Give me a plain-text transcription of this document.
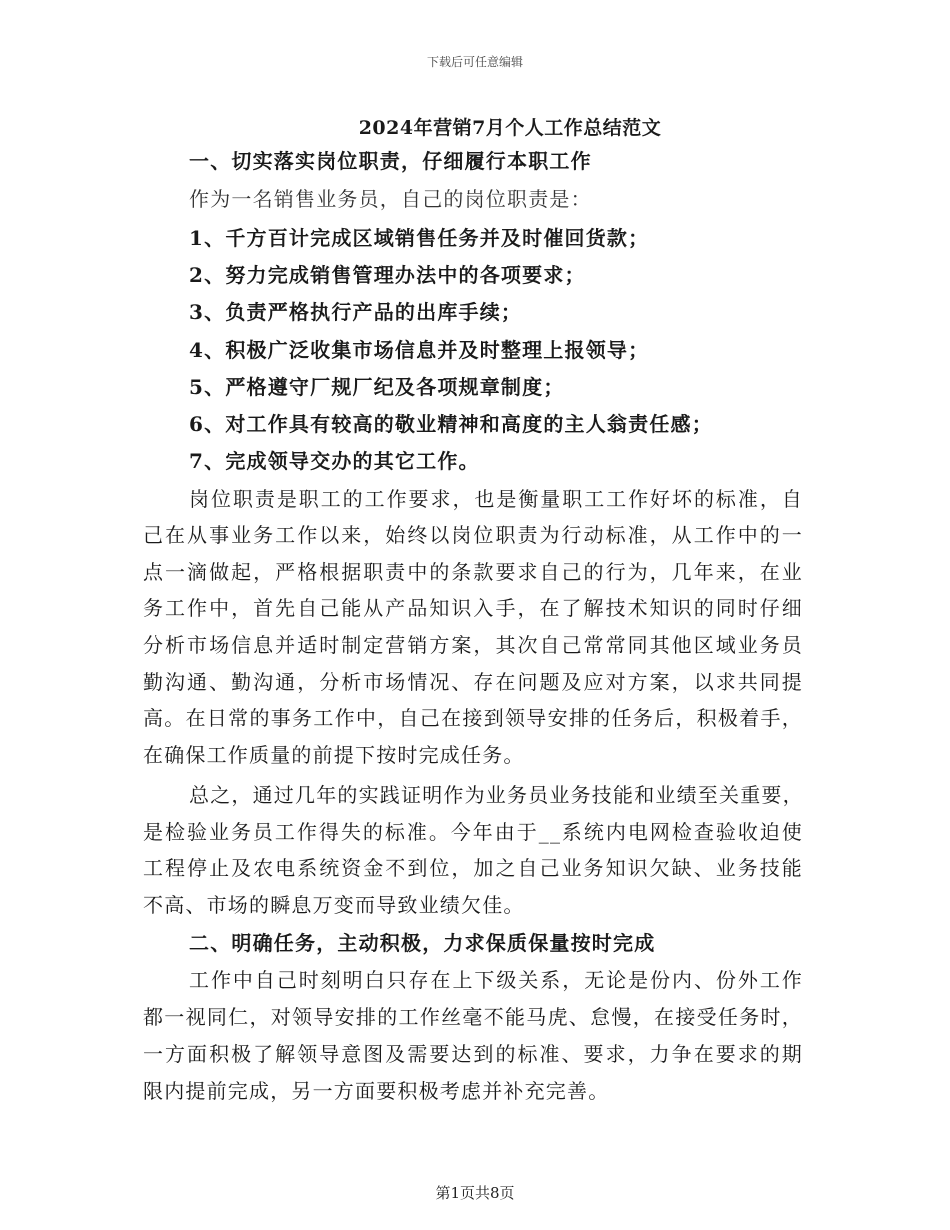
下载后可任意编辑
2024年营销7月个人工作总结范文
一、切实落实岗位职责，仔细履行本职工作
作为一名销售业务员，自己的岗位职责是：
1、千方百计完成区域销售任务并及时催回货款；
2、努力完成销售管理办法中的各项要求；
3、负责严格执行产品的出库手续；
4、积极广泛收集市场信息并及时整理上报领导；
5、严格遵守厂规厂纪及各项规章制度；
6、对工作具有较高的敬业精神和高度的主人翁责任感；
7、完成领导交办的其它工作。
岗位职责是职工的工作要求，也是衡量职工工作好坏的标准，自
己在从事业务工作以来，始终以岗位职责为行动标准，从工作中的一
点一滴做起，严格根据职责中的条款要求自己的行为，几年来，在业
务工作中，首先自己能从产品知识入手，在了解技术知识的同时仔细
分析市场信息并适时制定营销方案，其次自己常常同其他区域业务员
勤沟通、勤沟通，分析市场情况、存在问题及应对方案，以求共同提
高。在日常的事务工作中，自己在接到领导安排的任务后，积极着手，
在确保工作质量的前提下按时完成任务。
总之，通过几年的实践证明作为业务员业务技能和业绩至关重要，
是检验业务员工作得失的标准。今年由于__系统内电网检查验收迫使
工程停止及农电系统资金不到位，加之自己业务知识欠缺、业务技能
不高、市场的瞬息万变而导致业绩欠佳。
二、明确任务，主动积极，力求保质保量按时完成
工作中自己时刻明白只存在上下级关系，无论是份内、份外工作
都一视同仁，对领导安排的工作丝毫不能马虎、怠慢，在接受任务时，
一方面积极了解领导意图及需要达到的标准、要求，力争在要求的期
限内提前完成，另一方面要积极考虑并补充完善。
第1页共8页
